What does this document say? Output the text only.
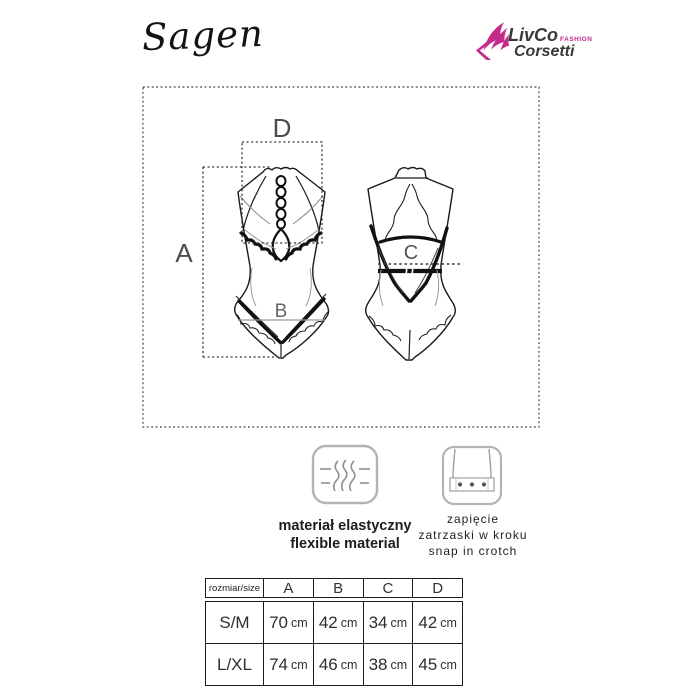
Sagen	LivCo FASHION
Corsetti
A
B
C
D
materiał elastyczny
flexible material
zapięcie
zatrzaski w kroku
snap in crotch
rozmiar/size	A	B	C	D
S/M	70 cm 42 cm 34 cm 42 cm
L/XL	74 cm 46 cm 38 cm 45 cm
